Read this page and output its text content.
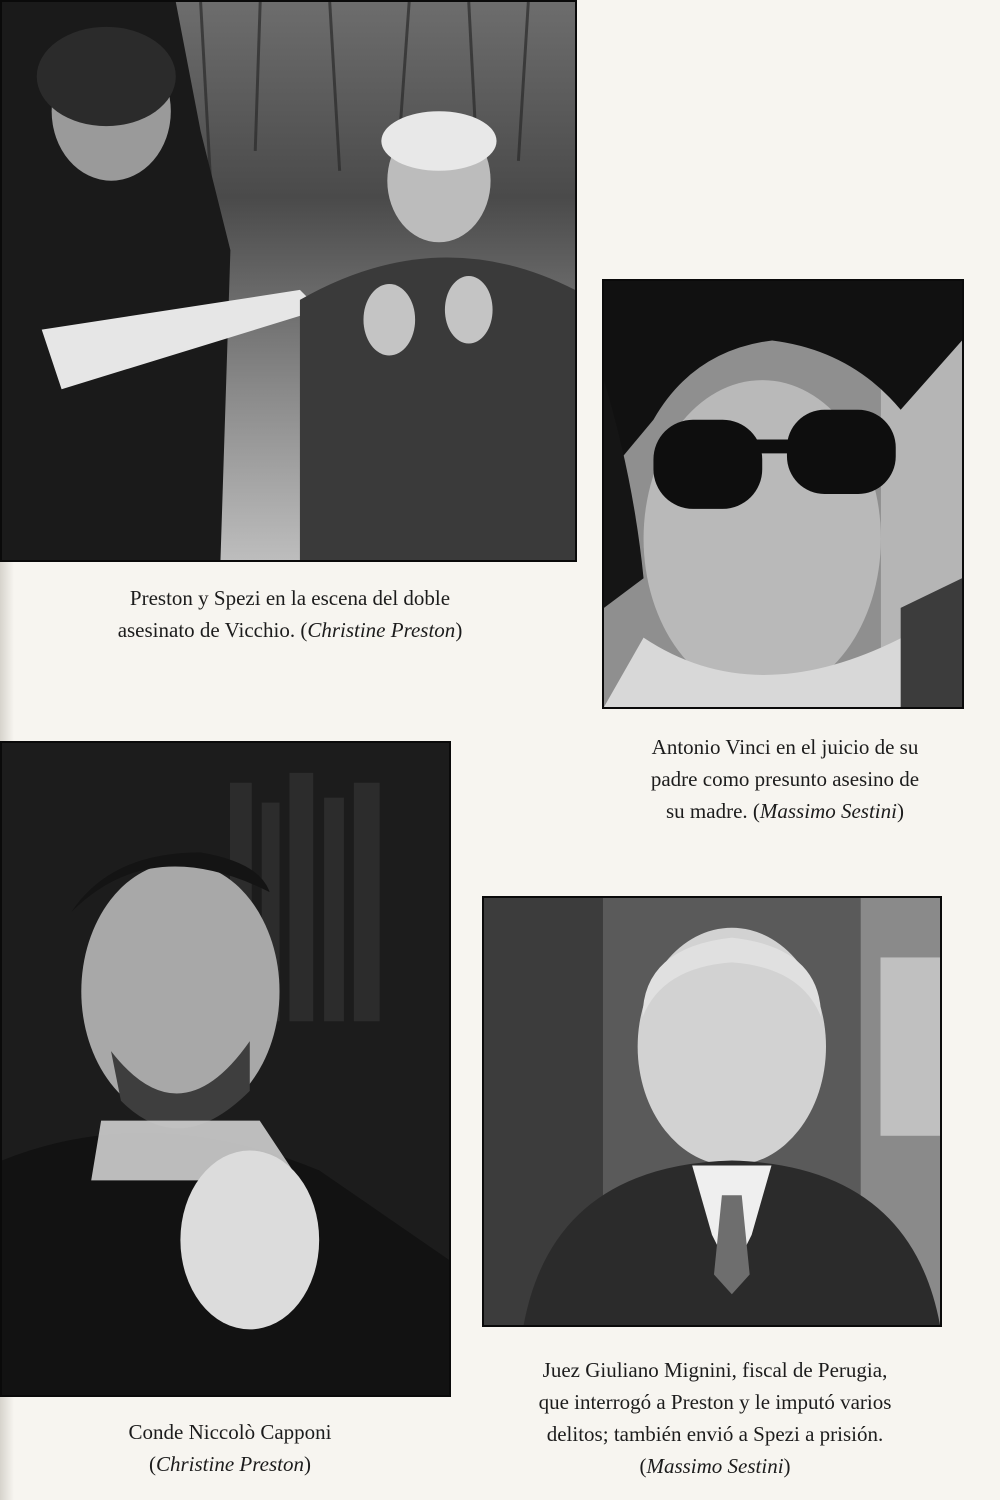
Preston y Spezi en la escena del doble
asesinato de Vicchio. (Christine Preston)
Antonio Vinci en el juicio de su
padre como presunto asesino de
su madre. (Massimo Sestini)
Conde Niccolò Capponi
(Christine Preston)
Juez Giuliano Mignini, fiscal de Perugia,
que interrogó a Preston y le imputó varios
delitos; también envió a Spezi a prisión.
(Massimo Sestini)
